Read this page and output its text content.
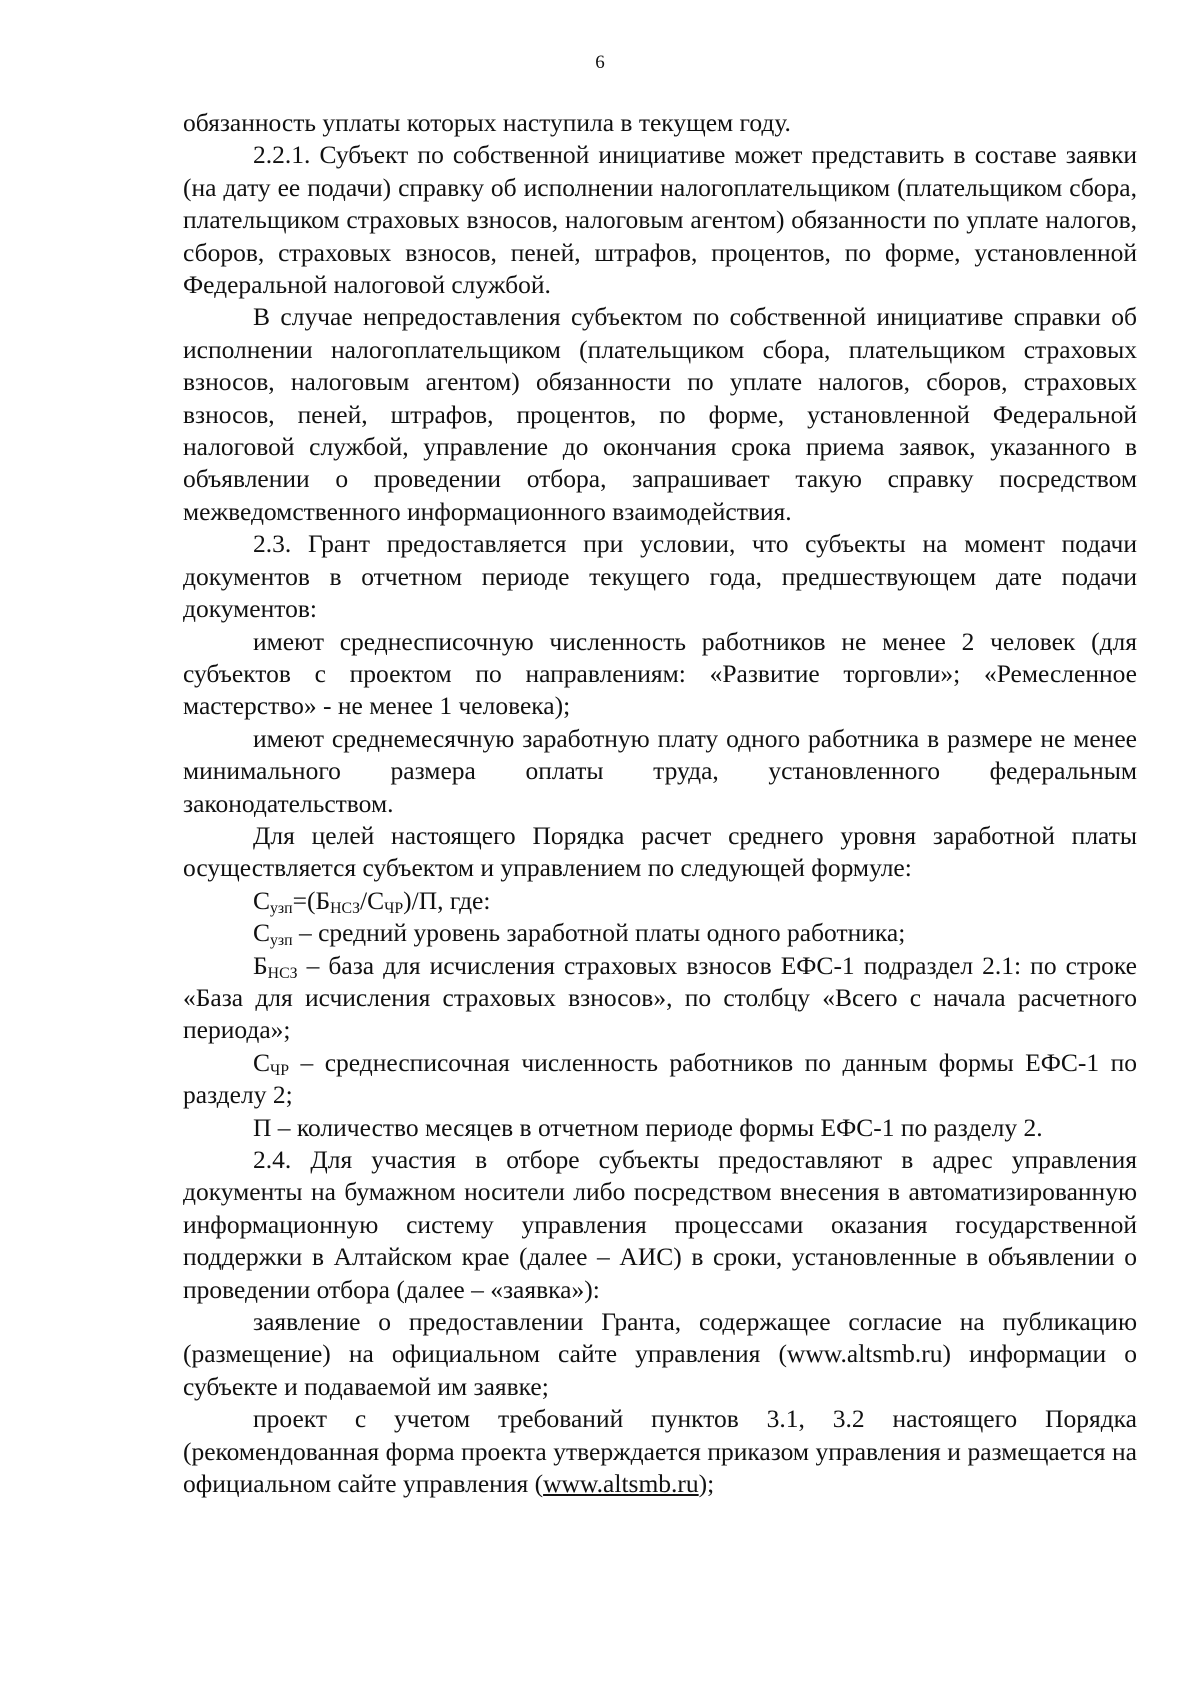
6

обязанность уплаты которых наступила в текущем году.

2.2.1. Субъект по собственной инициативе может представить в составе заявки (на дату ее подачи) справку об исполнении налогоплательщиком (плательщиком сбора, плательщиком страховых взносов, налоговым агентом) обязанности по уплате налогов, сборов, страховых взносов, пеней, штрафов, процентов, по форме, установленной Федеральной налоговой службой.

В случае непредоставления субъектом по собственной инициативе справки об исполнении налогоплательщиком (плательщиком сбора, плательщиком страховых взносов, налоговым агентом) обязанности по уплате налогов, сборов, страховых взносов, пеней, штрафов, процентов, по форме, установленной Федеральной налоговой службой, управление до окончания срока приема заявок, указанного в объявлении о проведении отбора, запрашивает такую справку посредством межведомственного информационного взаимодействия.

2.3. Грант предоставляется при условии, что субъекты на момент подачи документов в отчетном периоде текущего года, предшествующем дате подачи документов:

имеют среднесписочную численность работников не менее 2 человек (для субъектов с проектом по направлениям: «Развитие торговли»; «Ремесленное мастерство» - не менее 1 человека);

имеют среднемесячную заработную плату одного работника в размере не менее минимального размера оплаты труда, установленного федеральным законодательством.

Для целей настоящего Порядка расчет среднего уровня заработной платы осуществляется субъектом и управлением по следующей формуле:

$С_{узп}=(Б_{НСЗ}/С_{ЧР})/П$, где:

$С_{узп}$ – средний уровень заработной платы одного работника;

$Б_{НСЗ}$ – база для исчисления страховых взносов ЕФС-1 подраздел 2.1: по строке «База для исчисления страховых взносов», по столбцу «Всего с начала расчетного периода»;

$С_{ЧР}$ – среднесписочная численность работников по данным формы ЕФС-1 по разделу 2;

П – количество месяцев в отчетном периоде формы ЕФС-1 по разделу 2.

2.4. Для участия в отборе субъекты предоставляют в адрес управления документы на бумажном носители либо посредством внесения в автоматизированную информационную систему управления процессами оказания государственной поддержки в Алтайском крае (далее – АИС) в сроки, установленные в объявлении о проведении отбора (далее – «заявка»):

заявление о предоставлении Гранта, содержащее согласие на публикацию (размещение) на официальном сайте управления (www.altsmb.ru) информации о субъекте и подаваемой им заявке;

проект с учетом требований пунктов 3.1, 3.2 настоящего Порядка (рекомендованная форма проекта утверждается приказом управления и размещается на официальном сайте управления (www.altsmb.ru);
